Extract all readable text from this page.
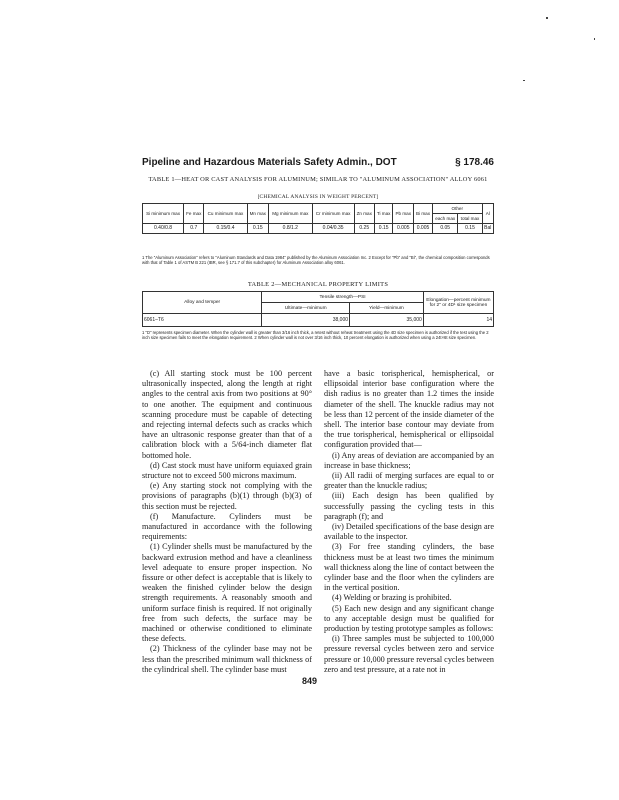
Pipeline and Hazardous Materials Safety Admin., DOT	§ 178.46
TABLE 1—HEAT OR CAST ANALYSIS FOR ALUMINUM; SIMILAR TO "ALUMINUM ASSOCIATION" ALLOY 6061
[CHEMICAL ANALYSIS IN WEIGHT PERCENT]
Si minimum max	Fe max	Cu minimum max	Mn max	Mg minimum max	Cr minimum max	Zn max	Ti max	Pb max	Bi max	Other		Al
										each max	total max	
0.40/0.8	0.7	0.15/0.4	0.15	0.8/1.2	0.04/0.35	0.25	0.15	0.005	0.005	0.05	0.15	Bal
1 The "Aluminum Association" refers to "Aluminum Standards and Data 1984" published by the Aluminum Association Inc. 2 Except for "Pb" and "Bi", the chemical composition corresponds with that of Table 1 of ASTM B 221 (IBR, see § 171.7 of this subchapter) for Aluminum Association alloy 6061.
TABLE 2—MECHANICAL PROPERTY LIMITS
Alloy and temper	Tensile strength—PSI		Elongation—percent minimum for 2" or 4D¹ size specimen
	Ultimate—minimum	Yield—minimum	
6061–T6	38,000	35,000	14
1 "D" represents specimen diameter. When the cylinder wall is greater than 3/16 inch thick, a retest without reheat treatment using the 4D size specimen is authorized if the test using the 2 inch size specimen fails to meet the elongation requirement. 2 When cylinder wall is not over 3/16 inch thick, 10 percent elongation is authorized when using a 24t×6t size specimen.

(c) All starting stock must be 100 percent ultrasonically inspected, along the length at right angles to the central axis from two positions at 90° to one another. The equipment and continuous scanning procedure must be capable of detecting and rejecting internal defects such as cracks which have an ultrasonic response greater than that of a calibration block with a 5/64-inch diameter flat bottomed hole.

(d) Cast stock must have uniform equiaxed grain structure not to exceed 500 microns maximum.

(e) Any starting stock not complying with the provisions of paragraphs (b)(1) through (b)(3) of this section must be rejected.

(f) Manufacture. Cylinders must be manufactured in accordance with the following requirements:

(1) Cylinder shells must be manufactured by the backward extrusion method and have a cleanliness level adequate to ensure proper inspection. No fissure or other defect is acceptable that is likely to weaken the finished cylinder below the design strength requirements. A reasonably smooth and uniform surface finish is required. If not originally free from such defects, the surface may be machined or otherwise conditioned to eliminate these defects.

(2) Thickness of the cylinder base may not be less than the prescribed minimum wall thickness of the cylindrical shell. The cylinder base must

have a basic torispherical, hemispherical, or ellipsoidal interior base configuration where the dish radius is no greater than 1.2 times the inside diameter of the shell. The knuckle radius may not be less than 12 percent of the inside diameter of the shell. The interior base contour may deviate from the true torispherical, hemispherical or ellipsoidal configuration provided that—

(i) Any areas of deviation are accompanied by an increase in base thickness;

(ii) All radii of merging surfaces are equal to or greater than the knuckle radius;

(iii) Each design has been qualified by successfully passing the cycling tests in this paragraph (f); and

(iv) Detailed specifications of the base design are available to the inspector.

(3) For free standing cylinders, the base thickness must be at least two times the minimum wall thickness along the line of contact between the cylinder base and the floor when the cylinders are in the vertical position.

(4) Welding or brazing is prohibited.

(5) Each new design and any significant change to any acceptable design must be qualified for production by testing prototype samples as follows:

(i) Three samples must be subjected to 100,000 pressure reversal cycles between zero and service pressure or 10,000 pressure reversal cycles between zero and test pressure, at a rate not in

849
